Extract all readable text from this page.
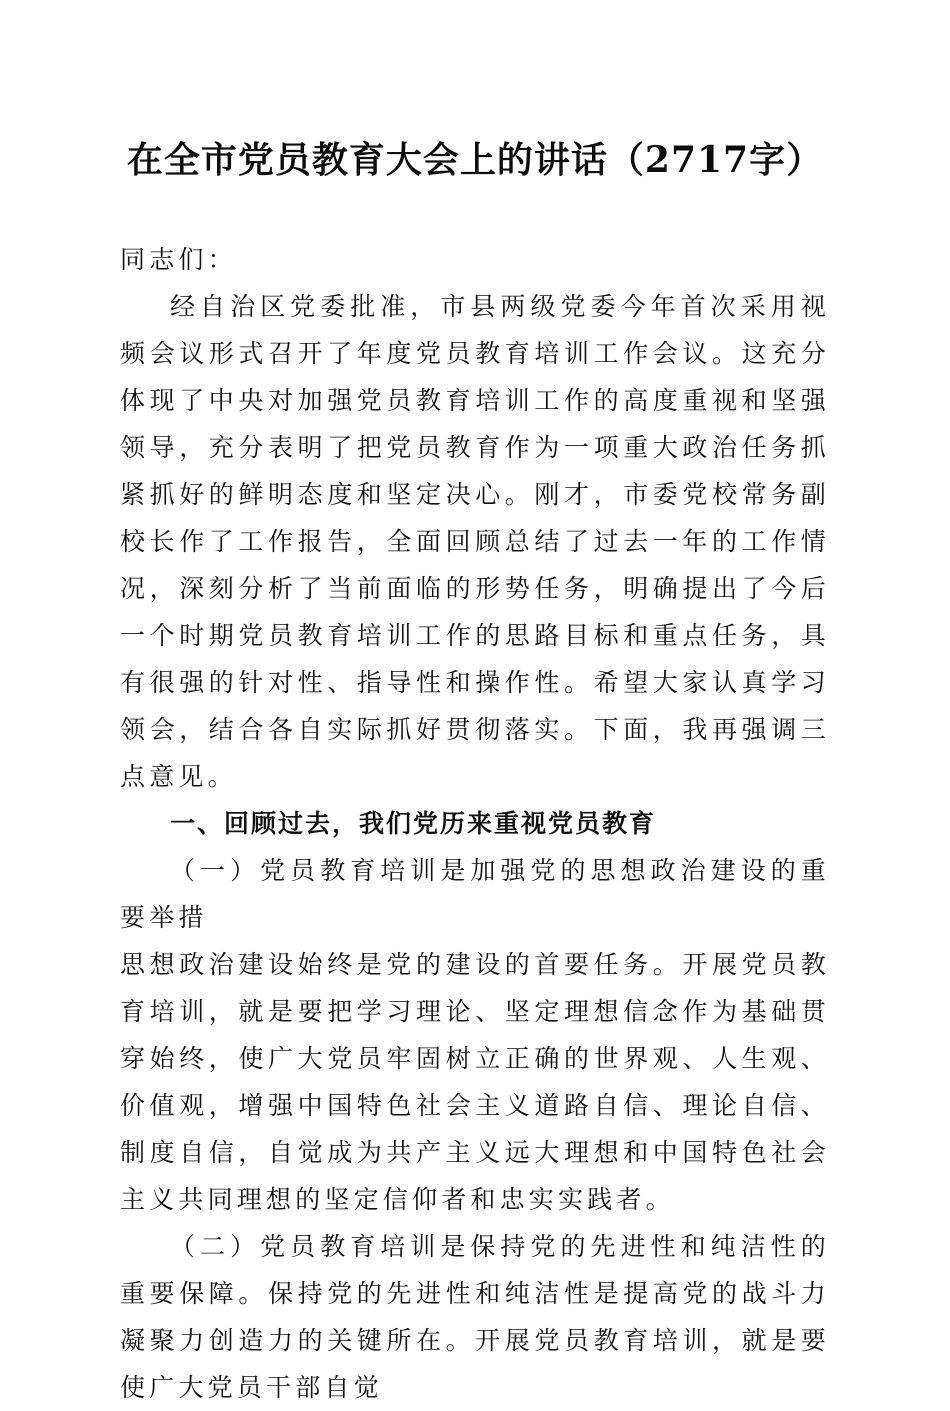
在全市党员教育大会上的讲话（2717字）

同志们：

经自治区党委批准，市县两级党委今年首次采用视频会议形式召开了年度党员教育培训工作会议。这充分体现了中央对加强党员教育培训工作的高度重视和坚强领导，充分表明了把党员教育作为一项重大政治任务抓紧抓好的鲜明态度和坚定决心。刚才，市委党校常务副校长作了工作报告，全面回顾总结了过去一年的工作情况，深刻分析了当前面临的形势任务，明确提出了今后一个时期党员教育培训工作的思路目标和重点任务，具有很强的针对性、指导性和操作性。希望大家认真学习领会，结合各自实际抓好贯彻落实。下面，我再强调三点意见。

一、回顾过去，我们党历来重视党员教育

（一）党员教育培训是加强党的思想政治建设的重要举措

思想政治建设始终是党的建设的首要任务。开展党员教育培训，就是要把学习理论、坚定理想信念作为基础贯穿始终，使广大党员牢固树立正确的世界观、人生观、价值观，增强中国特色社会主义道路自信、理论自信、制度自信，自觉成为共产主义远大理想和中国特色社会主义共同理想的坚定信仰者和忠实实践者。

（二）党员教育培训是保持党的先进性和纯洁性的重要保障。保持党的先进性和纯洁性是提高党的战斗力凝聚力创造力的关键所在。开展党员教育培训，就是要使广大党员干部自觉
